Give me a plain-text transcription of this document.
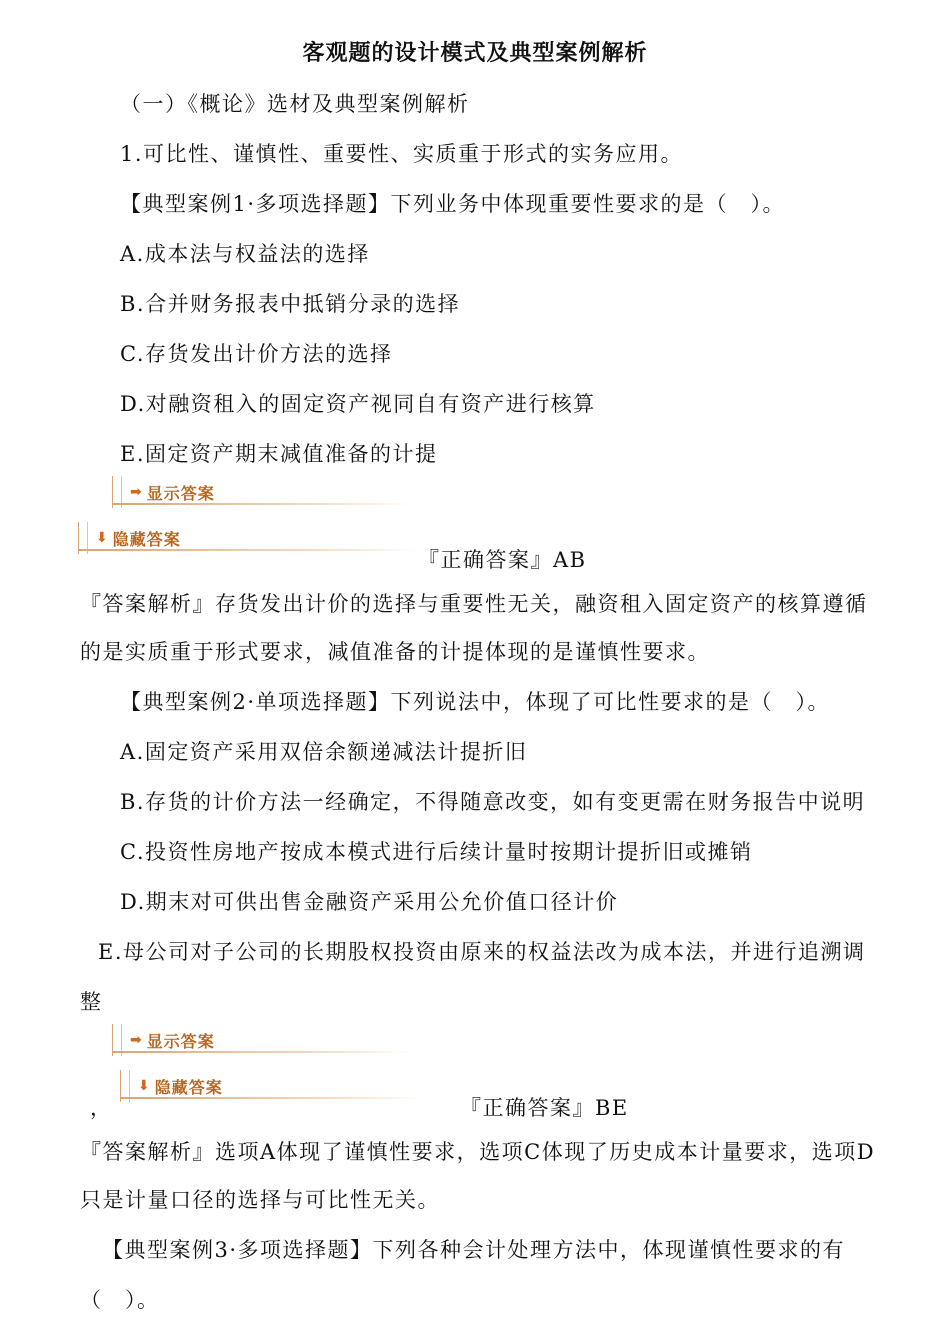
客观题的设计模式及典型案例解析
（一）《概论》选材及典型案例解析
1.可比性、谨慎性、重要性、实质重于形式的实务应用。
【典型案例1·多项选择题】下列业务中体现重要性要求的是（　）。
A.成本法与权益法的选择
B.合并财务报表中抵销分录的选择
C.存货发出计价方法的选择
D.对融资租入的固定资产视同自有资产进行核算
E.固定资产期末减值准备的计提
➡ 显示答案
⬇ 隐藏答案
『正确答案』AB
『答案解析』存货发出计价的选择与重要性无关，融资租入固定资产的核算遵循
的是实质重于形式要求，减值准备的计提体现的是谨慎性要求。
【典型案例2·单项选择题】下列说法中，体现了可比性要求的是（　）。
A.固定资产采用双倍余额递减法计提折旧
B.存货的计价方法一经确定，不得随意改变，如有变更需在财务报告中说明
C.投资性房地产按成本模式进行后续计量时按期计提折旧或摊销
D.期末对可供出售金融资产采用公允价值口径计价
E.母公司对子公司的长期股权投资由原来的权益法改为成本法，并进行追溯调
整
➡ 显示答案
⬇ 隐藏答案
，	『正确答案』BE
『答案解析』选项A体现了谨慎性要求，选项C体现了历史成本计量要求，选项D
只是计量口径的选择与可比性无关。
【典型案例3·多项选择题】下列各种会计处理方法中，体现谨慎性要求的有
（　）。
